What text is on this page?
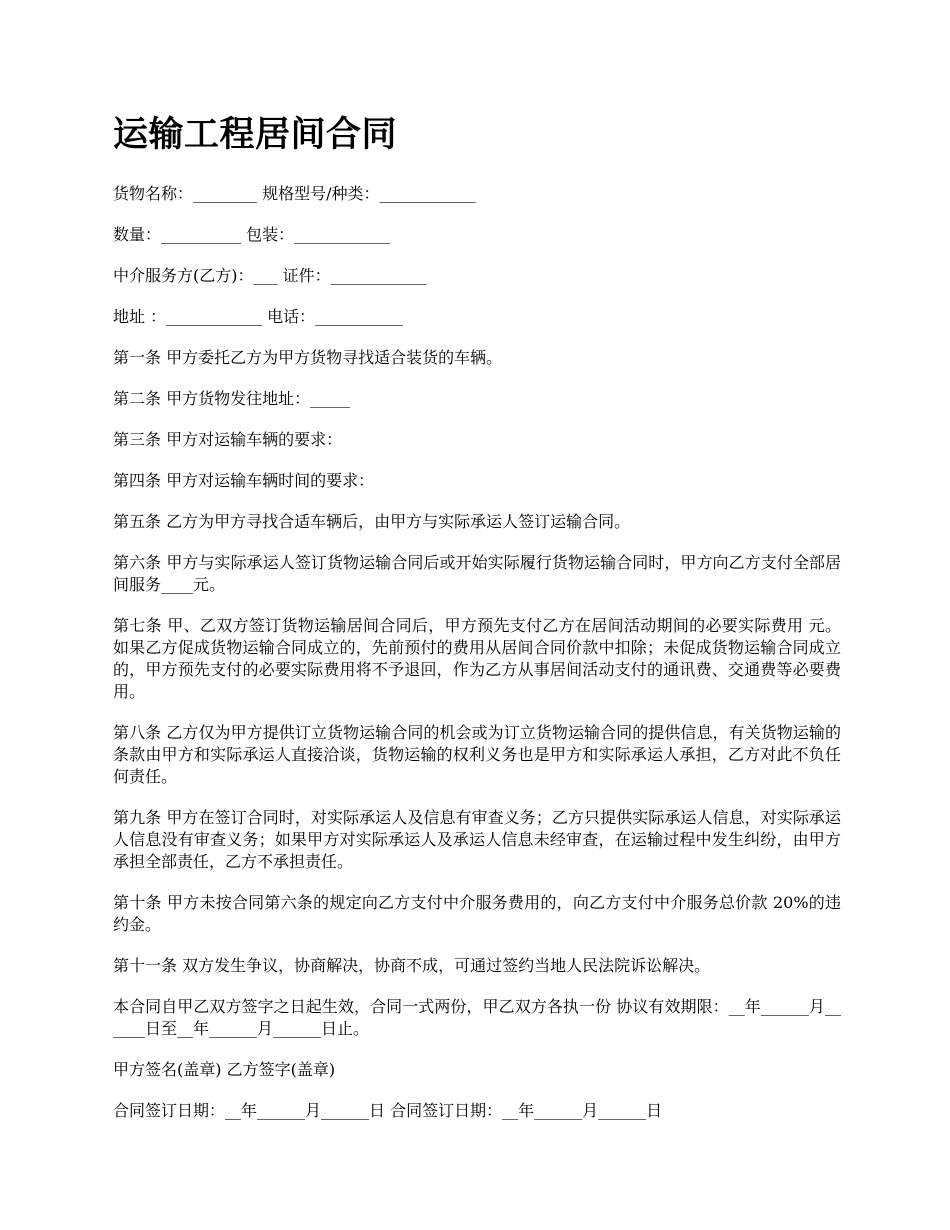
运输工程居间合同

货物名称：________ 规格型号/种类：____________

数量：__________ 包装：____________

中介服务方(乙方)：___ 证件：____________

地址 ：____________ 电话：___________

第一条 甲方委托乙方为甲方货物寻找适合装货的车辆。

第二条 甲方货物发往地址：_____

第三条 甲方对运输车辆的要求：

第四条 甲方对运输车辆时间的要求：

第五条 乙方为甲方寻找合适车辆后，由甲方与实际承运人签订运输合同。

第六条 甲方与实际承运人签订货物运输合同后或开始实际履行货物运输合同时，甲方向乙方支付全部居间服务____元。

第七条 甲、乙双方签订货物运输居间合同后，甲方预先支付乙方在居间活动期间的必要实际费用 元。如果乙方促成货物运输合同成立的，先前预付的费用从居间合同价款中扣除；未促成货物运输合同成立的，甲方预先支付的必要实际费用将不予退回，作为乙方从事居间活动支付的通讯费、交通费等必要费用。

第八条 乙方仅为甲方提供订立货物运输合同的机会或为订立货物运输合同的提供信息，有关货物运输的条款由甲方和实际承运人直接洽谈，货物运输的权利义务也是甲方和实际承运人承担，乙方对此不负任何责任。

第九条 甲方在签订合同时，对实际承运人及信息有审查义务；乙方只提供实际承运人信息，对实际承运人信息没有审查义务；如果甲方对实际承运人及承运人信息未经审查，在运输过程中发生纠纷，由甲方承担全部责任，乙方不承担责任。

第十条 甲方未按合同第六条的规定向乙方支付中介服务费用的，向乙方支付中介服务总价款 20%的违约金。

第十一条 双方发生争议，协商解决，协商不成，可通过签约当地人民法院诉讼解决。

本合同自甲乙双方签字之日起生效，合同一式两份，甲乙双方各执一份 协议有效期限：__年______月______日至__年______月______日止。

甲方签名(盖章) 乙方签字(盖章)

合同签订日期：__年______月______日 合同签订日期：__年______月______日
